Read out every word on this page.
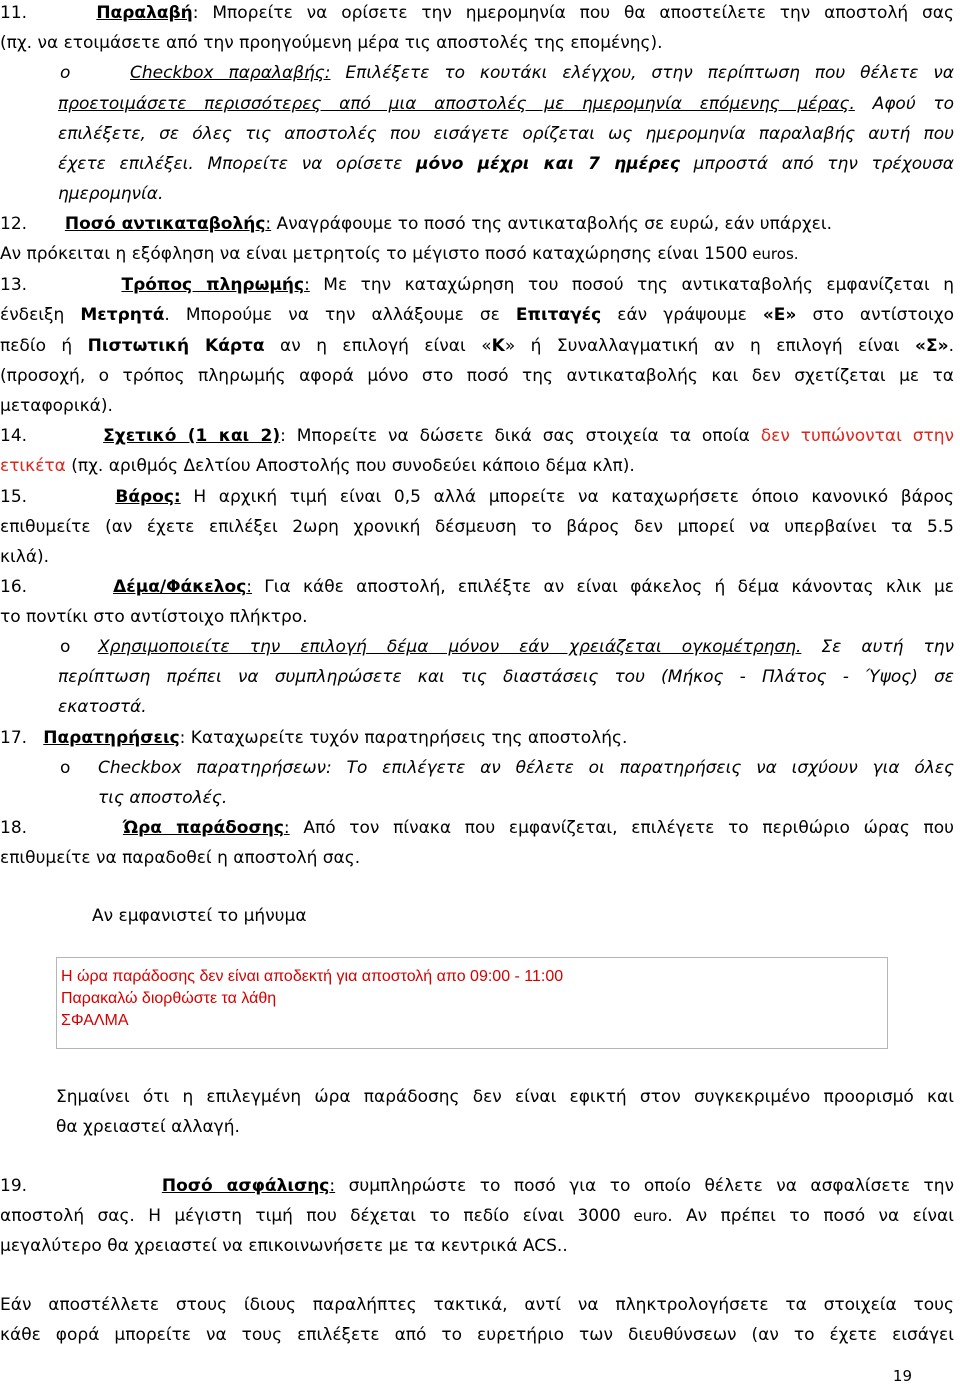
11.	Παραλαβή: Μπορείτε να ορίσετε την ημερομηνία που θα αποστείλετε την αποστολή σας
(πχ. να ετοιμάσετε από την προηγούμενη μέρα τις αποστολές της επομένης).
o	Checkbox παραλαβής: Επιλέξετε το κουτάκι ελέγχου, στην περίπτωση που θέλετε να
προετοιμάσετε περισσότερες από μια αποστολές με ημερομηνία επόμενης μέρας. Αφού το
επιλέξετε, σε όλες τις αποστολές που εισάγετε ορίζεται ως ημερομηνία παραλαβής αυτή που
έχετε επιλέξει. Μπορείτε να ορίσετε μόνο μέχρι και 7 ημέρες μπροστά από την τρέχουσα
ημερομηνία.
12. Ποσό αντικαταβολής: Αναγράφουμε το ποσό της αντικαταβολής σε ευρώ, εάν υπάρχει.
Αν πρόκειται η εξόφληση να είναι μετρητοίς το μέγιστο ποσό καταχώρησης είναι 1500 euros.
13.	Τρόπος πληρωμής: Με την καταχώρηση του ποσού της αντικαταβολής εμφανίζεται η
ένδειξη Μετρητά. Μπορούμε να την αλλάξουμε σε Επιταγές εάν γράψουμε «Ε» στο αντίστοιχο
πεδίο ή Πιστωτική Κάρτα αν η επιλογή είναι «Κ» ή Συναλλαγματική αν η επιλογή είναι «Σ».
(προσοχή, ο τρόπος πληρωμής αφορά μόνο στο ποσό της αντικαταβολής και δεν σχετίζεται με τα
μεταφορικά).
14.	Σχετικό (1 και 2): Μπορείτε να δώσετε δικά σας στοιχεία τα οποία δεν τυπώνονται στην
ετικέτα (πχ. αριθμός Δελτίου Αποστολής που συνοδεύει κάποιο δέμα κλπ).
15.	Βάρος: Η αρχική τιμή είναι 0,5 αλλά μπορείτε να καταχωρήσετε όποιο κανονικό βάρος
επιθυμείτε (αν έχετε επιλέξει 2ωρη χρονική δέσμευση το βάρος δεν μπορεί να υπερβαίνει τα 5.5
κιλά).
16.	Δέμα/Φάκελος: Για κάθε αποστολή, επιλέξτε αν είναι φάκελος ή δέμα κάνοντας κλικ με
το ποντίκι στο αντίστοιχο πλήκτρο.
o	Χρησιμοποιείτε την επιλογή δέμα μόνον εάν χρειάζεται ογκομέτρηση. Σε αυτή την
περίπτωση πρέπει να συμπληρώσετε και τις διαστάσεις του (Μήκος - Πλάτος - Ύψος) σε
εκατοστά.
17. Παρατηρήσεις: Καταχωρείτε τυχόν παρατηρήσεις της αποστολής.
o	Checkbox παρατηρήσεων: Το επιλέγετε αν θέλετε οι παρατηρήσεις να ισχύουν για όλες
τις αποστολές.
18.	Ώρα παράδοσης: Από τον πίνακα που εμφανίζεται, επιλέγετε το περιθώριο ώρας που
επιθυμείτε να παραδοθεί η αποστολή σας.
Αν εμφανιστεί το μήνυμα
Η ώρα παράδοσης δεν είναι αποδεκτή για αποστολή απο 09:00 - 11:00
Παρακαλώ διορθώστε τα λάθη
ΣΦΑΛΜΑ
Σημαίνει ότι η επιλεγμένη ώρα παράδοσης δεν είναι εφικτή στον συγκεκριμένο προορισμό και
θα χρειαστεί αλλαγή.
19.	Ποσό ασφάλισης: συμπληρώστε το ποσό για το οποίο θέλετε να ασφαλίσετε την
αποστολή σας. Η μέγιστη τιμή που δέχεται το πεδίο είναι 3000 euro. Αν πρέπει το ποσό να είναι
μεγαλύτερο θα χρειαστεί να επικοινωνήσετε με τα κεντρικά ACS..
Εάν αποστέλλετε στους ίδιους παραλήπτες τακτικά, αντί να πληκτρολογήσετε τα στοιχεία τους
κάθε φορά μπορείτε να τους επιλέξετε από το ευρετήριο των διευθύνσεων (αν το έχετε εισάγει
19
